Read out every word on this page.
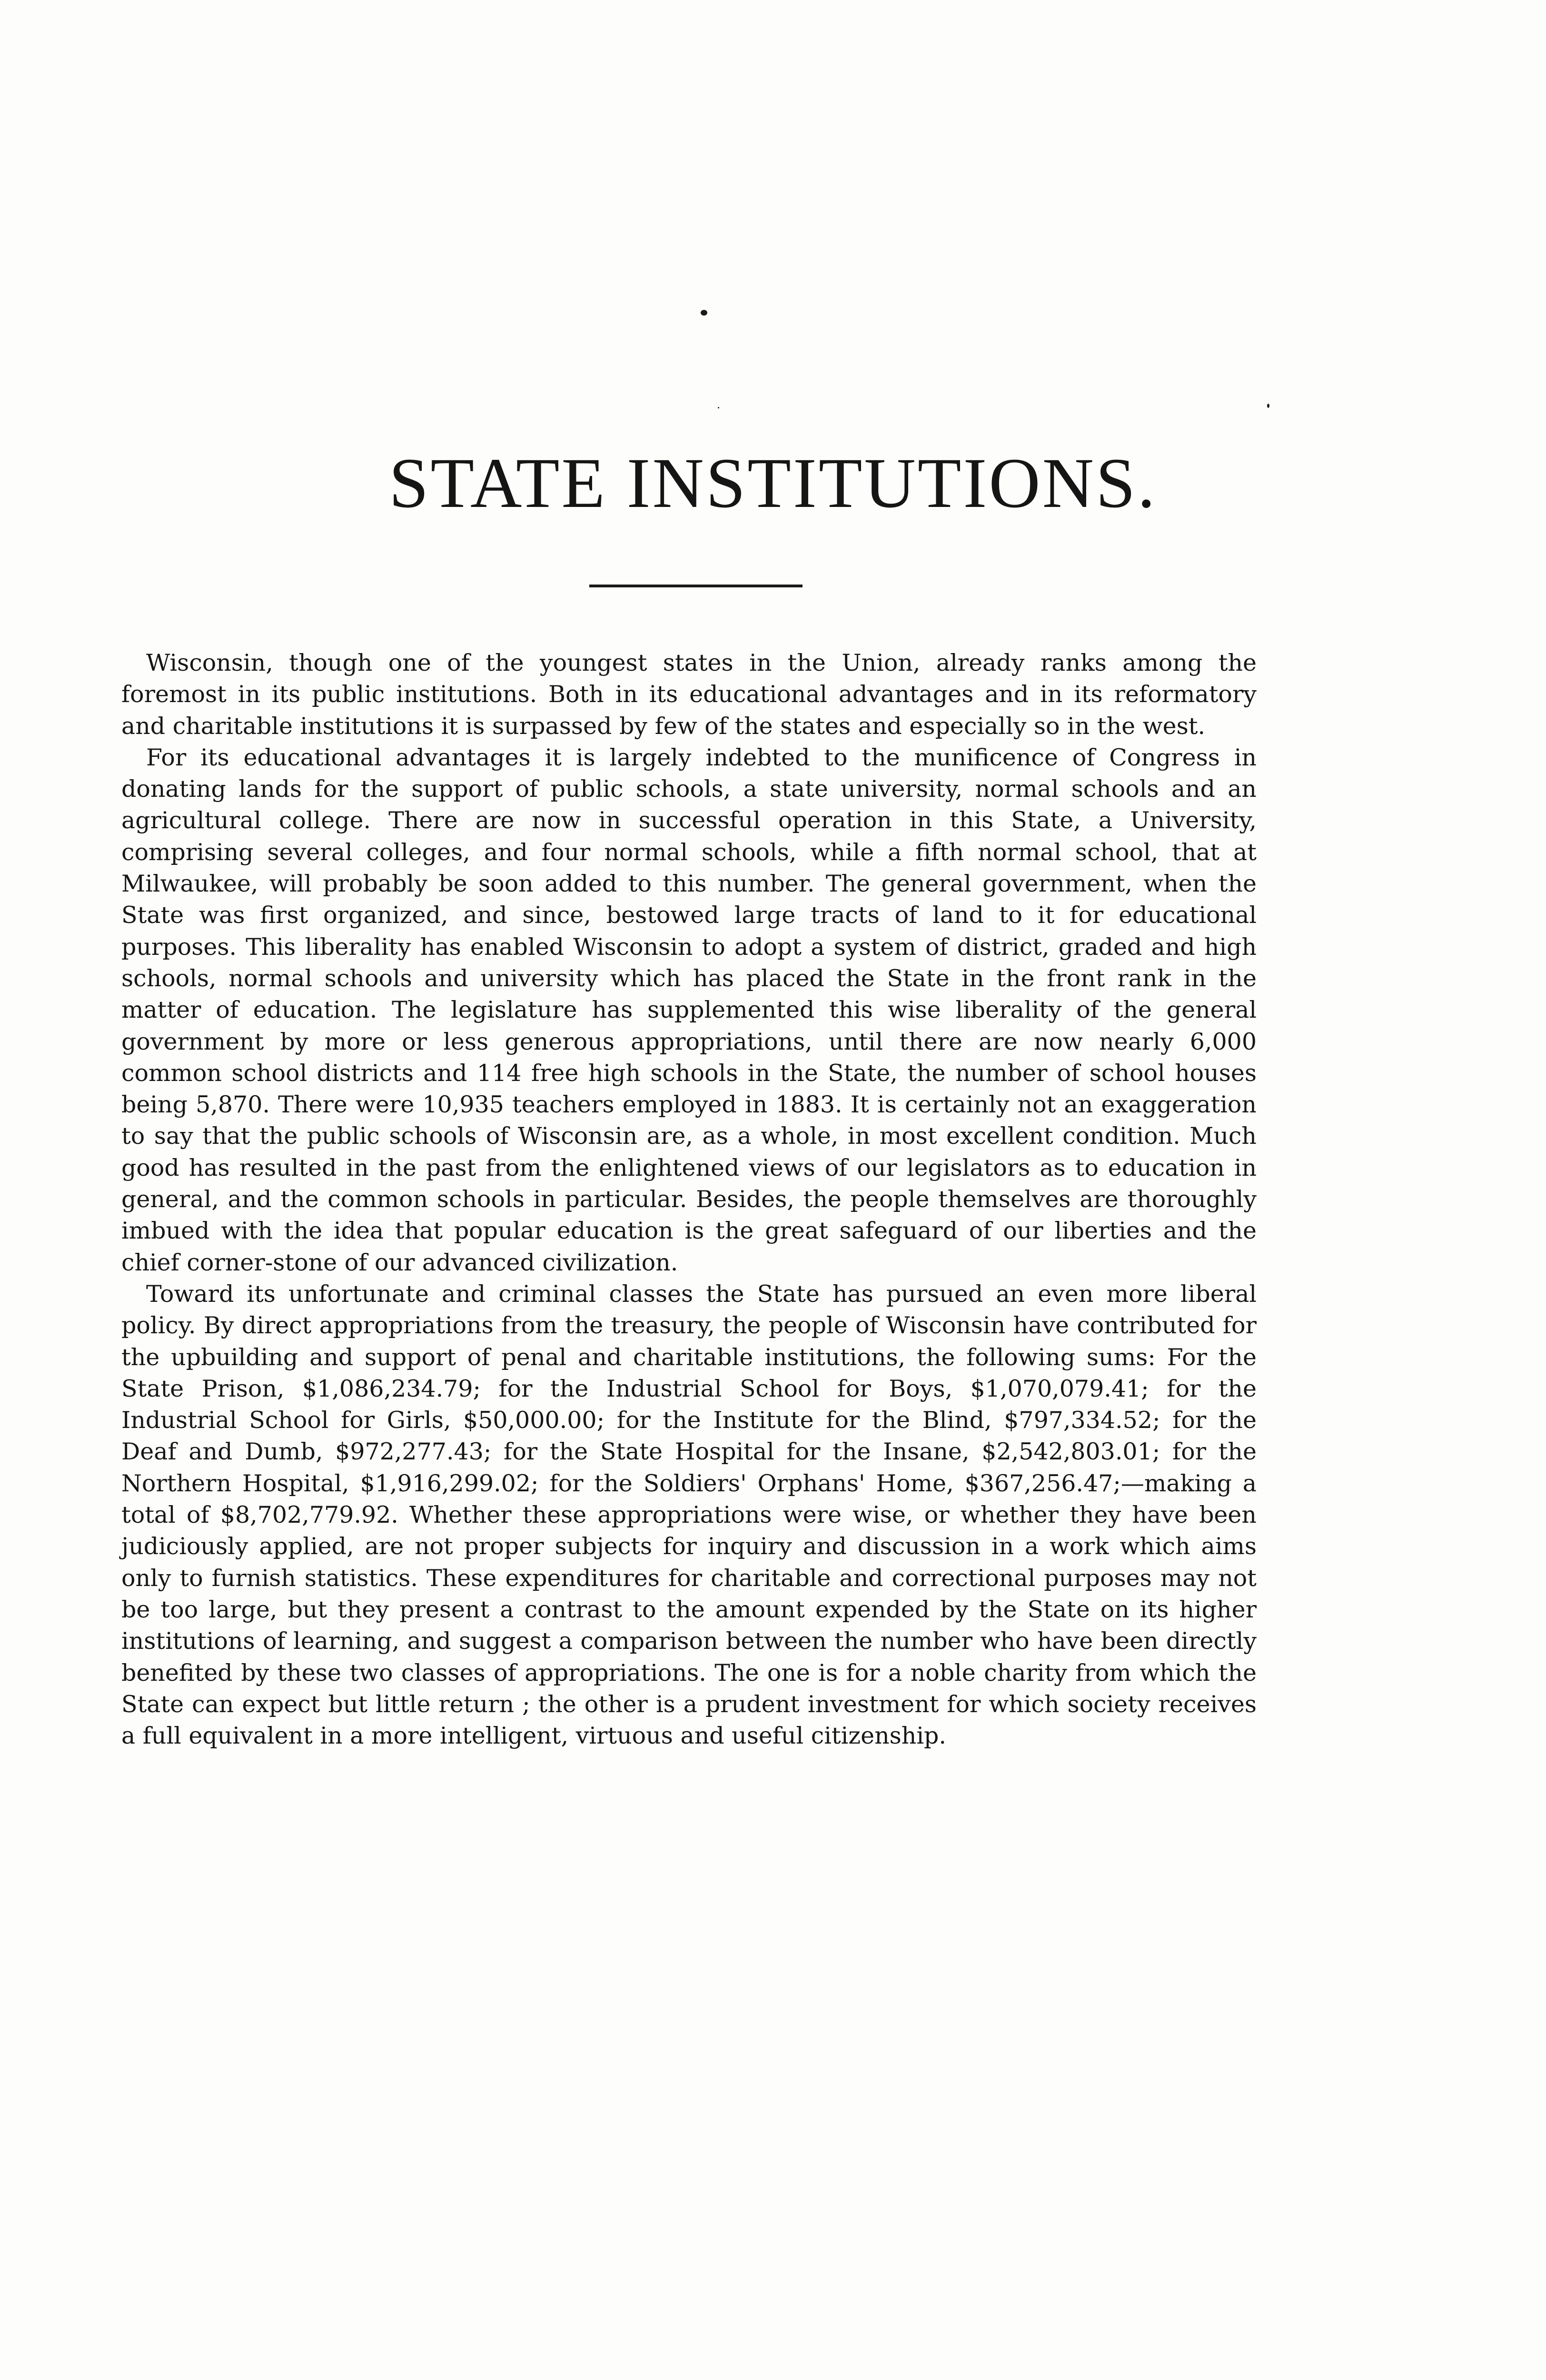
STATE INSTITUTIONS.

Wisconsin, though one of the youngest states in the Union, already ranks among the foremost in its public institutions. Both in its educational advantages and in its reformatory and charitable institutions it is surpassed by few of the states and especially so in the west.

For its educational advantages it is largely indebted to the munificence of Congress in donating lands for the support of public schools, a state university, normal schools and an agricultural college. There are now in successful operation in this State, a University, comprising several colleges, and four normal schools, while a fifth normal school, that at Milwaukee, will probably be soon added to this number. The general government, when the State was first organized, and since, bestowed large tracts of land to it for educational purposes. This liberality has enabled Wisconsin to adopt a system of district, graded and high schools, normal schools and university which has placed the State in the front rank in the matter of education. The legislature has supplemented this wise liberality of the general government by more or less generous appropriations, until there are now nearly 6,000 common school districts and 114 free high schools in the State, the number of school houses being 5,870. There were 10,935 teachers employed in 1883. It is certainly not an exaggeration to say that the public schools of Wisconsin are, as a whole, in most excellent condition. Much good has resulted in the past from the enlightened views of our legislators as to education in general, and the common schools in particular. Besides, the people themselves are thoroughly imbued with the idea that popular education is the great safeguard of our liberties and the chief corner-stone of our advanced civilization.

Toward its unfortunate and criminal classes the State has pursued an even more liberal policy. By direct appropriations from the treasury, the people of Wisconsin have contributed for the upbuilding and support of penal and charitable institutions, the following sums: For the State Prison, $1,086,234.79; for the Industrial School for Boys, $1,070,079.41; for the Industrial School for Girls, $50,000.00; for the Institute for the Blind, $797,334.52; for the Deaf and Dumb, $972,277.43; for the State Hospital for the Insane, $2,542,803.01; for the Northern Hospital, $1,916,299.02; for the Soldiers' Orphans' Home, $367,256.47;—making a total of $8,702,779.92. Whether these appropriations were wise, or whether they have been judiciously applied, are not proper subjects for inquiry and discussion in a work which aims only to furnish statistics. These expenditures for charitable and correctional purposes may not be too large, but they present a contrast to the amount expended by the State on its higher institutions of learning, and suggest a comparison between the number who have been directly benefited by these two classes of appropriations. The one is for a noble charity from which the State can expect but little return ; the other is a prudent investment for which society receives a full equivalent in a more intelligent, virtuous and useful citizenship.
